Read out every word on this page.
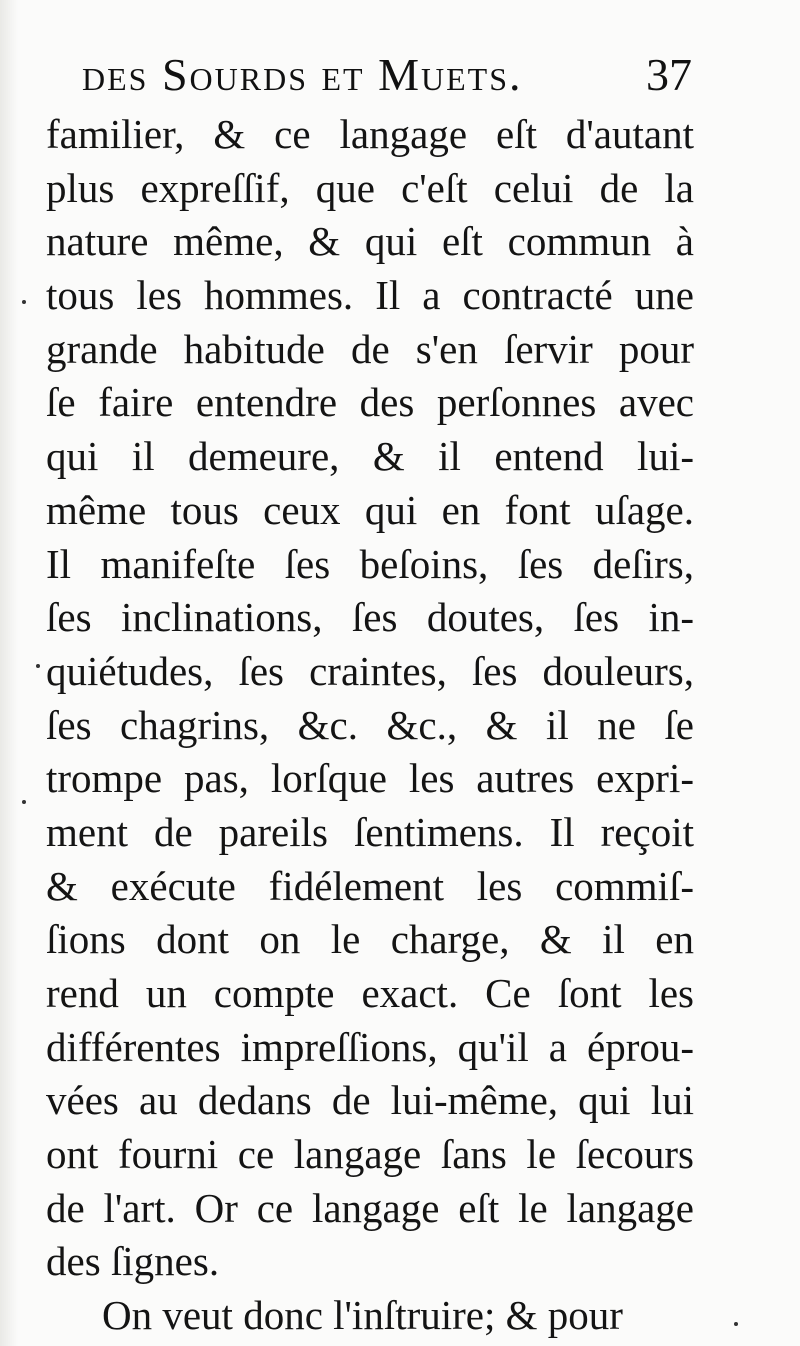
des Sourds et Muets.	37
familier, & ce langage eſt d'autant
plus expreſſif, que c'eſt celui de la
nature même, & qui eſt commun à
tous les hommes. Il a contracté une
grande habitude de s'en ſervir pour
ſe faire entendre des perſonnes avec
qui il demeure, & il entend lui-
même tous ceux qui en font uſage.
Il manifeſte ſes beſoins, ſes deſirs,
ſes inclinations, ſes doutes, ſes in-
quiétudes, ſes craintes, ſes douleurs,
ſes chagrins, &c. &c., & il ne ſe
trompe pas, lorſque les autres expri-
ment de pareils ſentimens. Il reçoit
& exécute fidélement les commiſ-
ſions dont on le charge, & il en
rend un compte exact. Ce ſont les
différentes impreſſions, qu'il a éprou-
vées au dedans de lui-même, qui lui
ont fourni ce langage ſans le ſecours
de l'art. Or ce langage eſt le langage
des ſignes.
On veut donc l'inſtruire; & pour
